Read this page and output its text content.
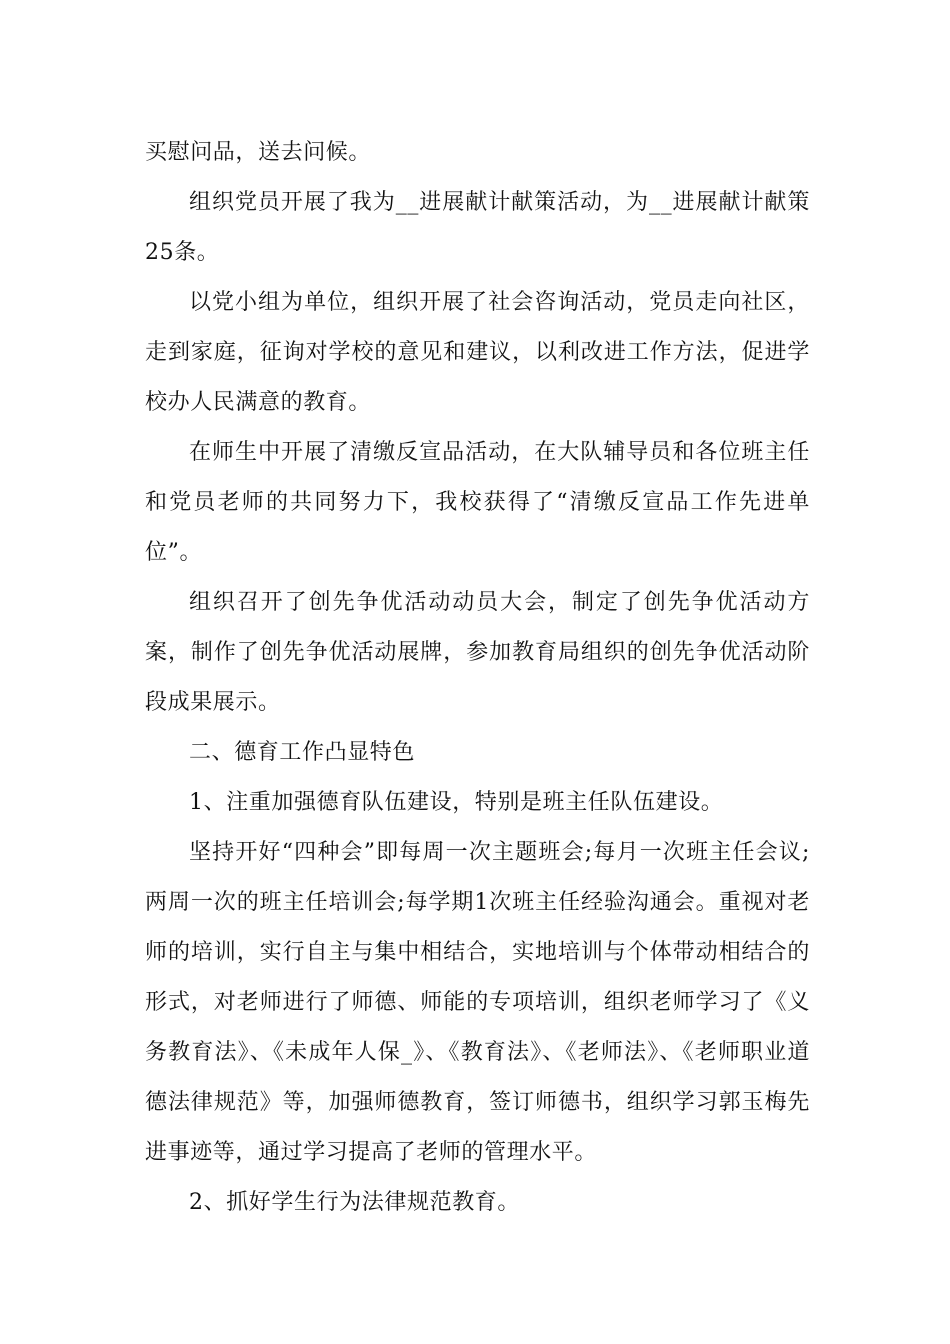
买慰问品，送去问候。

组织党员开展了我为__进展献计献策活动，为__进展献计献策25条。

以党小组为单位，组织开展了社会咨询活动，党员走向社区，走到家庭，征询对学校的意见和建议，以利改进工作方法，促进学校办人民满意的教育。

在师生中开展了清缴反宣品活动，在大队辅导员和各位班主任和党员老师的共同努力下，我校获得了“清缴反宣品工作先进单位”。

组织召开了创先争优活动动员大会，制定了创先争优活动方案，制作了创先争优活动展牌，参加教育局组织的创先争优活动阶段成果展示。

二、德育工作凸显特色

1、注重加强德育队伍建设，特别是班主任队伍建设。

坚持开好“四种会”即每周一次主题班会;每月一次班主任会议;两周一次的班主任培训会;每学期1次班主任经验沟通会。重视对老师的培训，实行自主与集中相结合，实地培训与个体带动相结合的形式，对老师进行了师德、师能的专项培训，组织老师学习了《义务教育法》、《未成年人保_》、《教育法》、《老师法》、《老师职业道德法律规范》等，加强师德教育，签订师德书，组织学习郭玉梅先进事迹等，通过学习提高了老师的管理水平。

2、抓好学生行为法律规范教育。
